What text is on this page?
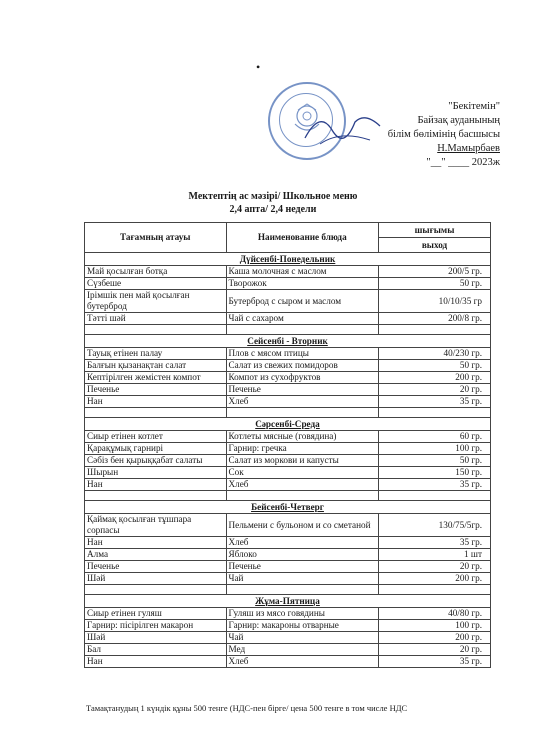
•
"Бекітемін"
Байзақ ауданының
білім бөлімінің басшысы
Н.Мамырбаев
"__" ____ 2023ж
Мектептің ас мәзірі/ Школьное меню
2,4 апта/ 2,4 недели
Тағамның атауы	Наименование блюда	шығымы
		выход
Дүйсенбі-Понедельник		
Май қосылған ботқа	Каша молочная с маслом	200/5 гр.
Сүзбеше	Творожок	50 гр.
Ірімшік пен май қосылған бутерброд	Бутерброд с сыром и маслом	10/10/35 гр
Тәтті шәй	Чай с сахаром	200/8 гр.

Сейсенбі - Вторник		
Тауық етінен палау	Плов с мясом птицы	40/230 гр.
Балғын қызанақтан салат	Салат из свежих помидоров	50 гр.
Кептірілген жемістен компот	Компот из сухофруктов	200 гр.
Печенье	Печенье	20 гр.
Нан	Хлеб	35 гр.

Сәрсенбі-Среда		
Сиыр етінен котлет	Котлеты мясные (говядина)	60 гр.
Қарақұмық гарнирі	Гарнир: гречка	100 гр.
Сәбіз бен қырыққабат салаты	Салат из моркови и капусты	50 гр.
Шырын	Сок	150 гр.
Нан	Хлеб	35 гр.

Бейсенбі-Четверг		
Қаймақ қосылған тұшпара сорпасы	Пельмени с бульоном и со сметаной	130/75/5гр.
Нан	Хлеб	35 гр.
Алма	Яблоко	1 шт
Печенье	Печенье	20 гр.
Шәй	Чай	200 гр.

Жұма-Пятница		
Сиыр етінен гуляш	Гуляш из мясо говядины	40/80 гр.
Гарнир: пісірілген макарон	Гарнир: макароны отварные	100 гр.
Шәй	Чай	200 гр.
Бал	Мед	20 гр.
Нан	Хлеб	35 гр.
Тамақтанудың 1 күндік құны 500 тенге (НДС-пен бірге/ цена 500 тенге в том числе НДС
